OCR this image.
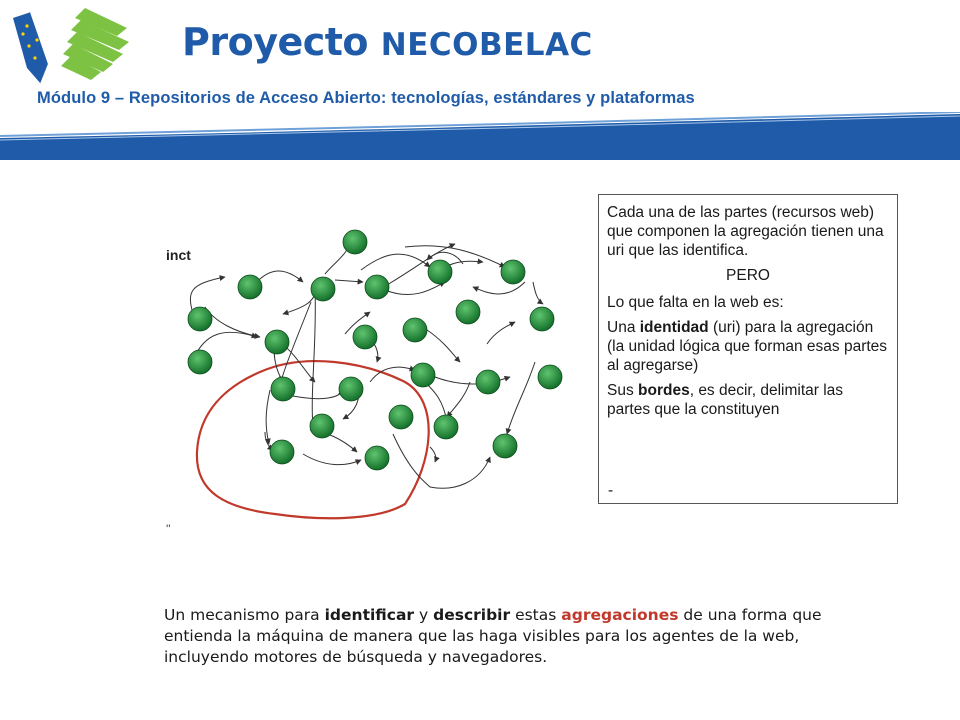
Proyecto NECOBELAC
Módulo 9 – Repositorios de Acceso Abierto: tecnologías, estándares y plataformas
inct
''

Cada una de las partes (recursos web) que componen la agregación tienen una uri que las identifica.

PERO

Lo que falta en la web es:

Una identidad (uri) para la agregación (la unidad lógica que forman esas partes al agregarse)

Sus bordes, es decir, delimitar las partes que la constituyen

-
Un mecanismo para identificar y describir estas agregaciones de una forma que entienda la máquina de manera que las haga visibles para los agentes de la web, incluyendo motores de búsqueda y navegadores.
